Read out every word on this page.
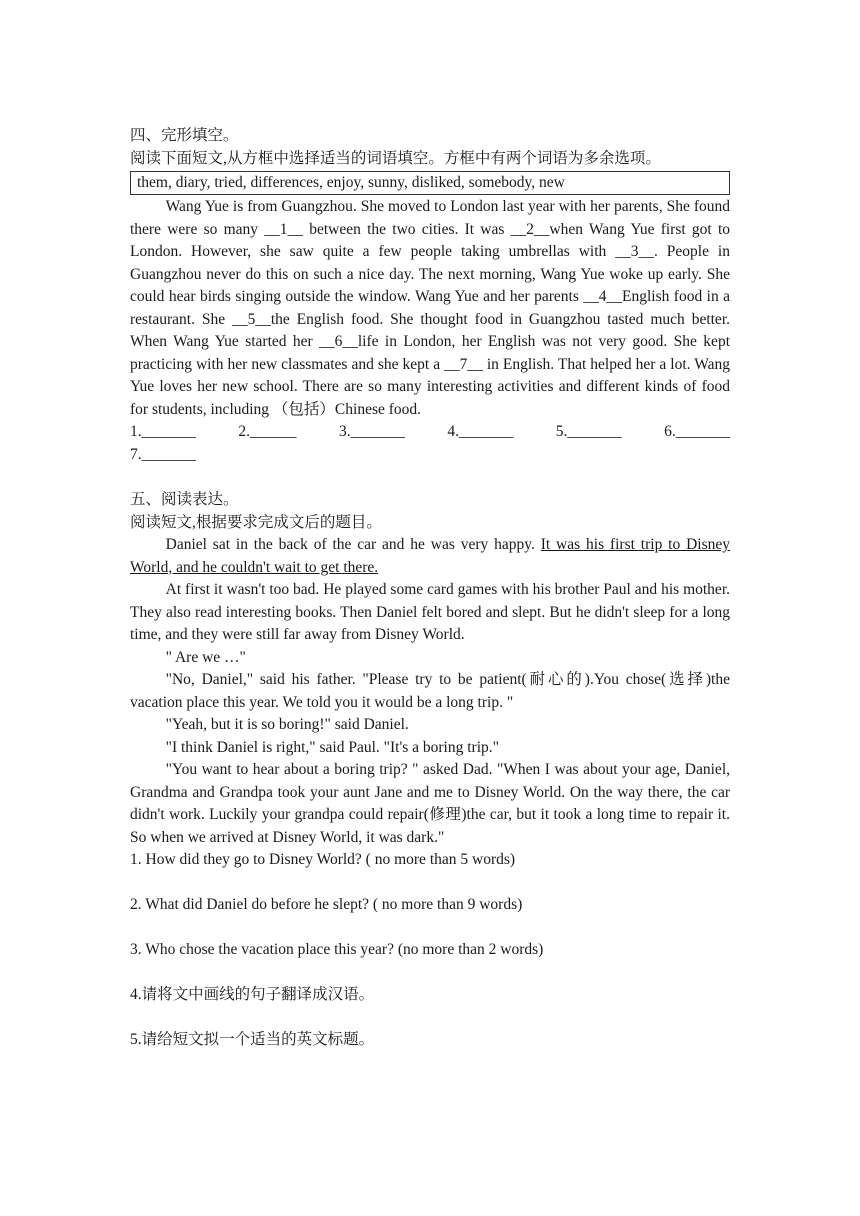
四、完形填空。

阅读下面短文,从方框中选择适当的词语填空。方框中有两个词语为多余选项。

them, diary, tried, differences, enjoy, sunny, disliked, somebody, new

Wang Yue is from Guangzhou. She moved to London last year with her parents, She found there were so many __1__ between the two cities. It was __2__when Wang Yue first got to London. However, she saw quite a few people taking umbrellas with __3__. People in Guangzhou never do this on such a nice day. The next morning, Wang Yue woke up early. She could hear birds singing outside the window. Wang Yue and her parents __4__English food in a restaurant. She __5__the English food. She thought food in Guangzhou tasted much better. When Wang Yue started her __6__life in London, her English was not very good. She kept practicing with her new classmates and she kept a __7__ in English. That helped her a lot. Wang Yue loves her new school. There are so many interesting activities and different kinds of food for students, including （包括）Chinese food.

1._______	2.______	3._______	4._______	5._______	6._______

7._______

五、阅读表达。

阅读短文,根据要求完成文后的题目。

Daniel sat in the back of the car and he was very happy. It was his first trip to Disney World, and he couldn't wait to get there.

At first it wasn't too bad. He played some card games with his brother Paul and his mother. They also read interesting books. Then Daniel felt bored and slept. But he didn't sleep for a long time, and they were still far away from Disney World.

" Are we …"

"No, Daniel," said his father. "Please try to be patient(耐心的).You chose(选择)the vacation place this year. We told you it would be a long trip. "

"Yeah, but it is so boring!" said Daniel.

"I think Daniel is right," said Paul. "It's a boring trip."

"You want to hear about a boring trip? " asked Dad. "When I was about your age, Daniel, Grandma and Grandpa took your aunt Jane and me to Disney World. On the way there, the car didn't work. Luckily your grandpa could repair(修理)the car, but it took a long time to repair it. So when we arrived at Disney World, it was dark."

1. How did they go to Disney World? ( no more than 5 words)

2. What did Daniel do before he slept? ( no more than 9 words)

3. Who chose the vacation place this year? (no more than 2 words)

4.请将文中画线的句子翻译成汉语。

5.请给短文拟一个适当的英文标题。
